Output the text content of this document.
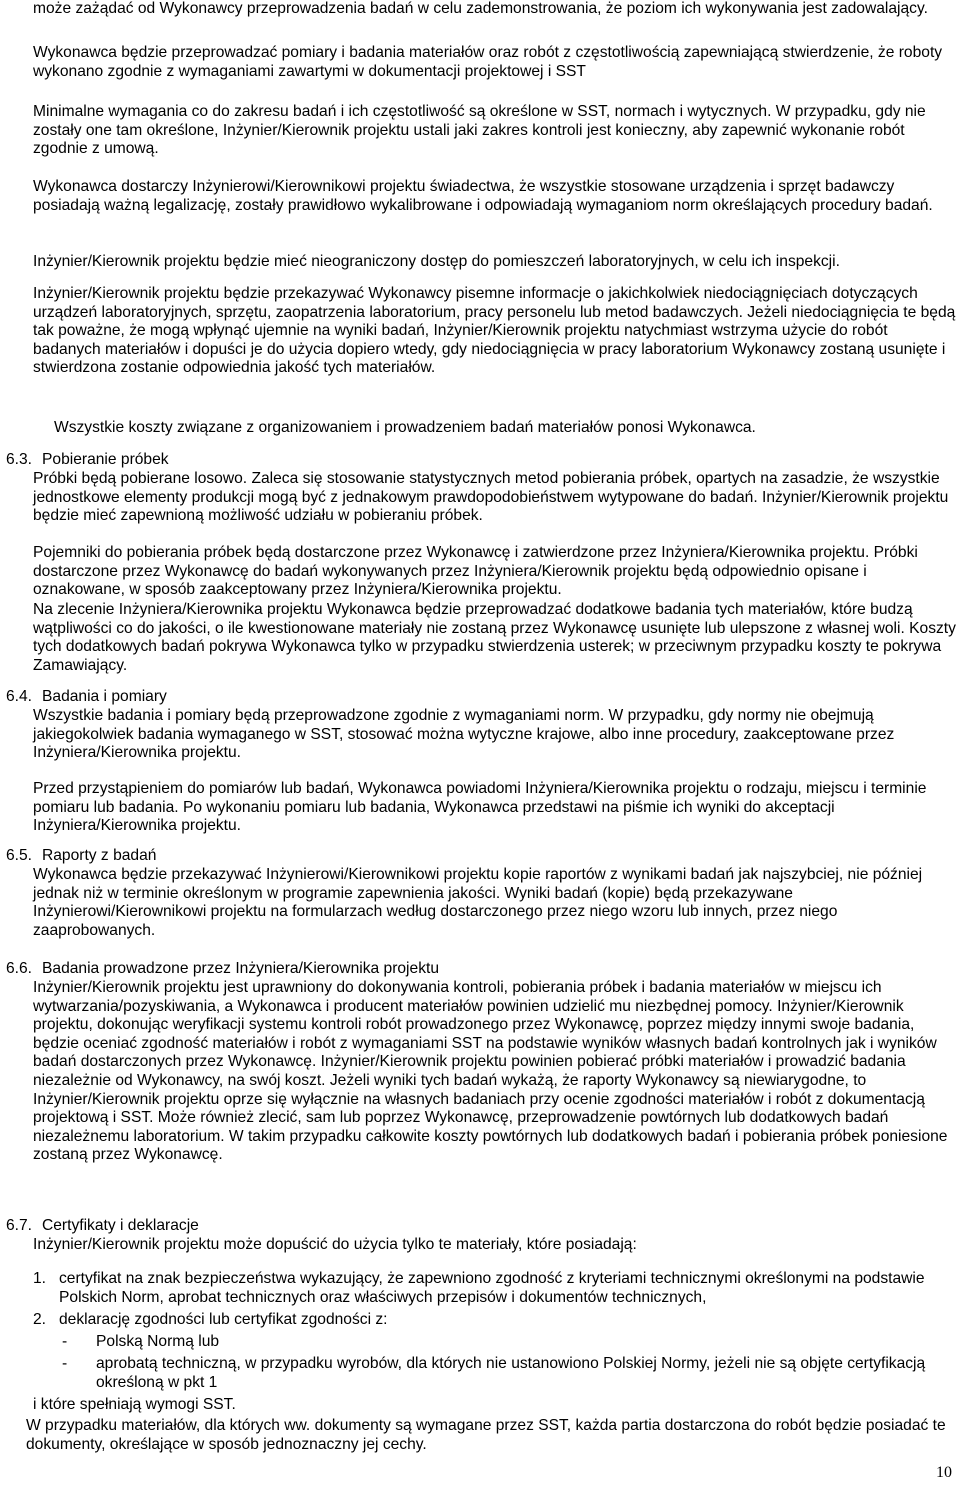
może zażądać od Wykonawcy przeprowadzenia badań w celu zademonstrowania, że poziom ich wykonywania jest zadowalający.

Wykonawca będzie przeprowadzać pomiary i badania materiałów oraz robót z częstotliwością zapewniającą stwierdzenie, że roboty wykonano zgodnie z wymaganiami zawartymi w dokumentacji projektowej i SST

Minimalne wymagania co do zakresu badań i ich częstotliwość są określone w SST, normach i wytycznych. W przypadku, gdy nie zostały one tam określone, Inżynier/Kierownik projektu ustali jaki zakres kontroli jest konieczny, aby zapewnić wykonanie robót zgodnie z umową.

Wykonawca dostarczy Inżynierowi/Kierownikowi projektu świadectwa, że wszystkie stosowane urządzenia i sprzęt badawczy posiadają ważną legalizację, zostały prawidłowo wykalibrowane i odpowiadają wymaganiom norm określających procedury badań.

Inżynier/Kierownik projektu będzie mieć nieograniczony dostęp do pomieszczeń laboratoryjnych, w celu ich inspekcji.

Inżynier/Kierownik projektu będzie przekazywać Wykonawcy pisemne informacje o jakichkolwiek niedociągnięciach dotyczących urządzeń laboratoryjnych, sprzętu, zaopatrzenia laboratorium, pracy personelu lub metod badawczych. Jeżeli niedociągnięcia te będą tak poważne, że mogą wpłynąć ujemnie na wyniki badań, Inżynier/Kierownik projektu natychmiast wstrzyma użycie do robót badanych materiałów i dopuści je do użycia dopiero wtedy, gdy niedociągnięcia w pracy laboratorium Wykonawcy zostaną usunięte i stwierdzona zostanie odpowiednia jakość tych materiałów.

Wszystkie koszty związane z organizowaniem i prowadzeniem badań materiałów ponosi Wykonawca.

6.3. Pobieranie próbek

Próbki będą pobierane losowo. Zaleca się stosowanie statystycznych metod pobierania próbek, opartych na zasadzie, że wszystkie jednostkowe elementy produkcji mogą być z jednakowym prawdopodobieństwem wytypowane do badań. Inżynier/Kierownik projektu będzie mieć zapewnioną możliwość udziału w pobieraniu próbek.

Pojemniki do pobierania próbek będą dostarczone przez Wykonawcę i zatwierdzone przez Inżyniera/Kierownika projektu. Próbki dostarczone przez Wykonawcę do badań wykonywanych przez Inżyniera/Kierownik projektu będą odpowiednio opisane i oznakowane, w sposób zaakceptowany przez Inżyniera/Kierownika projektu.

Na zlecenie Inżyniera/Kierownika projektu Wykonawca będzie przeprowadzać dodatkowe badania tych materiałów, które budzą wątpliwości co do jakości, o ile kwestionowane materiały nie zostaną przez Wykonawcę usunięte lub ulepszone z własnej woli. Koszty tych dodatkowych badań pokrywa Wykonawca tylko w przypadku stwierdzenia usterek; w przeciwnym przypadku koszty te pokrywa Zamawiający.

6.4. Badania i pomiary

Wszystkie badania i pomiary będą przeprowadzone zgodnie z wymaganiami norm. W przypadku, gdy normy nie obejmują jakiegokolwiek badania wymaganego w SST, stosować można wytyczne krajowe, albo inne procedury, zaakceptowane przez Inżyniera/Kierownika projektu.

Przed przystąpieniem do pomiarów lub badań, Wykonawca powiadomi Inżyniera/Kierownika projektu o rodzaju, miejscu i terminie pomiaru lub badania. Po wykonaniu pomiaru lub badania, Wykonawca przedstawi na piśmie ich wyniki do akceptacji Inżyniera/Kierownika projektu.

6.5. Raporty z badań

Wykonawca będzie przekazywać Inżynierowi/Kierownikowi projektu kopie raportów z wynikami badań jak najszybciej, nie później jednak niż w terminie określonym w programie zapewnienia jakości. Wyniki badań (kopie) będą przekazywane Inżynierowi/Kierownikowi projektu na formularzach według dostarczonego przez niego wzoru lub innych, przez niego zaaprobowanych.

6.6. Badania prowadzone przez Inżyniera/Kierownika projektu

Inżynier/Kierownik projektu jest uprawniony do dokonywania kontroli, pobierania próbek i badania materiałów w miejscu ich wytwarzania/pozyskiwania, a Wykonawca i producent materiałów powinien udzielić mu niezbędnej pomocy. Inżynier/Kierownik projektu, dokonując weryfikacji systemu kontroli robót prowadzonego przez Wykonawcę, poprzez między innymi swoje badania, będzie oceniać zgodność materiałów i robót z wymaganiami SST na podstawie wyników własnych badań kontrolnych jak i wyników badań dostarczonych przez Wykonawcę. Inżynier/Kierownik projektu powinien pobierać próbki materiałów i prowadzić badania niezależnie od Wykonawcy, na swój koszt. Jeżeli wyniki tych badań wykażą, że raporty Wykonawcy są niewiarygodne, to Inżynier/Kierownik projektu oprze się wyłącznie na własnych badaniach przy ocenie zgodności materiałów i robót z dokumentacją projektową i SST. Może również zlecić, sam lub poprzez Wykonawcę, przeprowadzenie powtórnych lub dodatkowych badań niezależnemu laboratorium. W takim przypadku całkowite koszty powtórnych lub dodatkowych badań i pobierania próbek poniesione zostaną przez Wykonawcę.

6.7. Certyfikaty i deklaracje

Inżynier/Kierownik projektu może dopuścić do użycia tylko te materiały, które posiadają:

1. certyfikat na znak bezpieczeństwa wykazujący, że zapewniono zgodność z kryteriami technicznymi określonymi na podstawie Polskich Norm, aprobat technicznych oraz właściwych przepisów i dokumentów technicznych,
2. deklarację zgodności lub certyfikat zgodności z:
- Polską Normą lub
- aprobatą techniczną, w przypadku wyrobów, dla których nie ustanowiono Polskiej Normy, jeżeli nie są objęte certyfikacją określoną w pkt 1

i które spełniają wymogi SST.

W przypadku materiałów, dla których ww. dokumenty są wymagane przez SST, każda partia dostarczona do robót będzie posiadać te dokumenty, określające w sposób jednoznaczny jej cechy.

10
